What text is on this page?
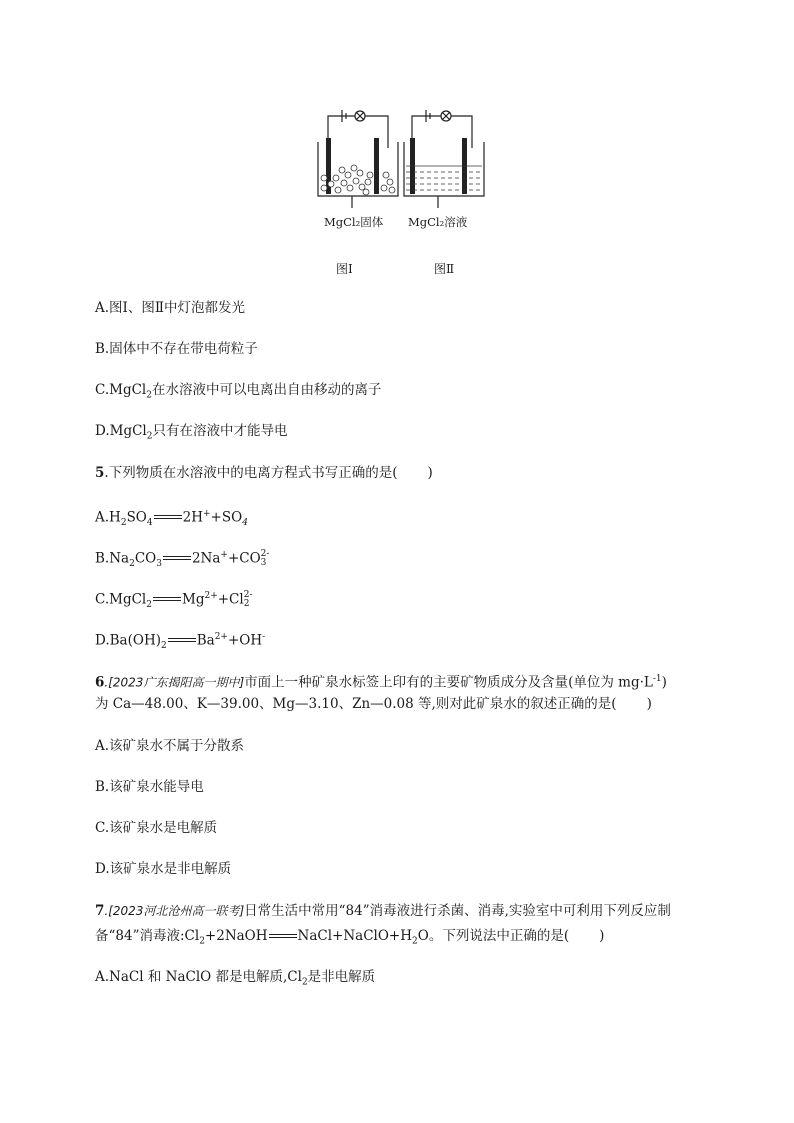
MgCl₂固体 MgCl₂溶液
图Ⅰ	图Ⅱ
A.图Ⅰ、图Ⅱ中灯泡都发光
B.固体中不存在带电荷粒子
C.MgCl$_2$在水溶液中可以电离出自由移动的离子
D.MgCl$_2$只有在溶液中才能导电
5.下列物质在水溶液中的电离方程式书写正确的是( )
$A.H_2SO_4$ $2H^++SO_4$
$B.Na_2CO_3$ 2Na++CO 2-
3
C.MgCl$_2$ $Mg^{2+}+Cl$ 2-
2
$D.Ba(OH)_2$ $Ba^{2+}+OH^-$
6.[2023广东揭阳高一期中]市面上一种矿泉水标签上印有的主要矿物质成分及含量(单位为 $mg\cdot L^{-1}$)
为 Ca—48.00、K—39.00、Mg—3.10、Zn—0.08 等,则对此矿泉水的叙述正确的是( )
A.该矿泉水不属于分散系
B.该矿泉水能导电
C.该矿泉水是电解质
D.该矿泉水是非电解质
7.[2023河北沧州高一联考]日常生活中常用“84”消毒液进行杀菌、消毒,实验室中可利用下列反应制
备“84”消毒液$:Cl_2+2NaOH$ $NaCl+NaClO+H_2O$。下列说法中正确的是( )
A.NaCl 和 NaClO 都是电解质$,Cl_2$是非电解质
